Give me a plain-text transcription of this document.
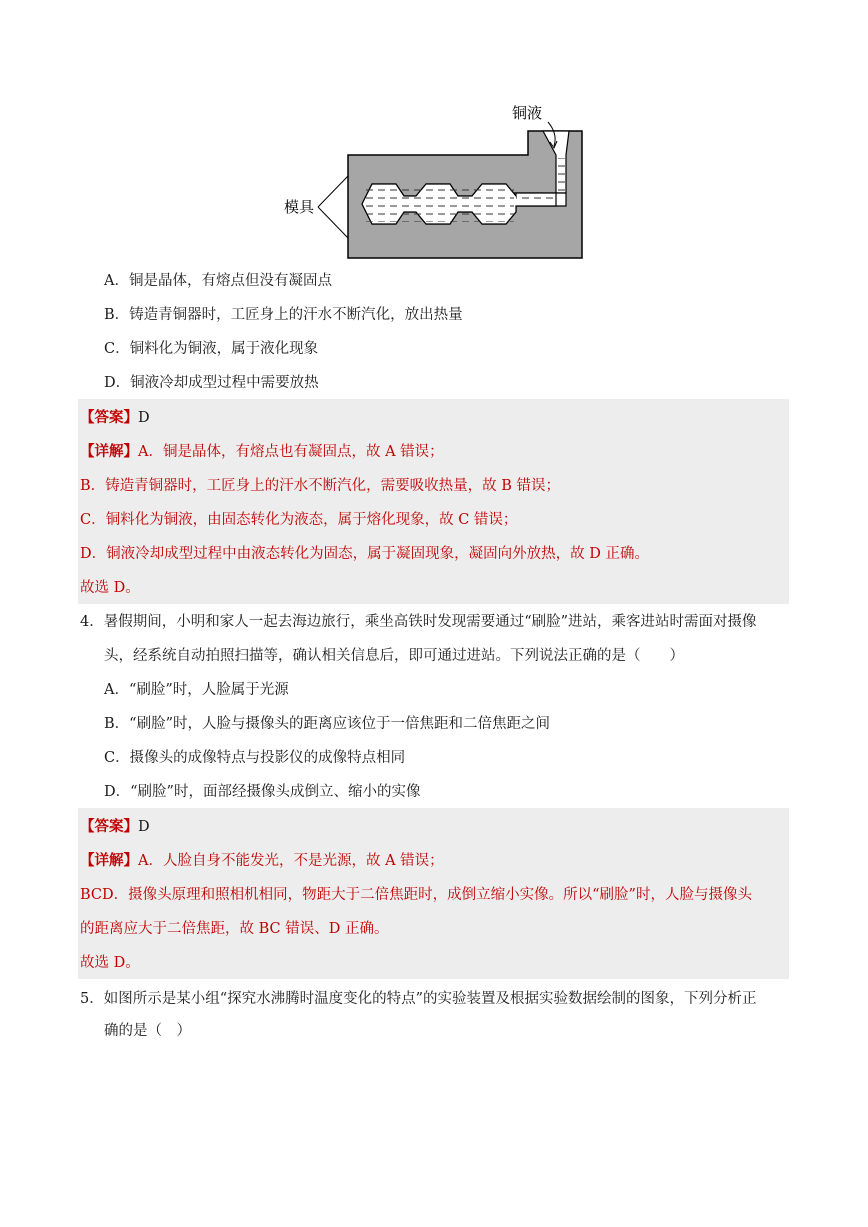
模具
铜液
A．铜是晶体，有熔点但没有凝固点
B．铸造青铜器时，工匠身上的汗水不断汽化，放出热量
C．铜料化为铜液，属于液化现象
D．铜液冷却成型过程中需要放热
【答案】D
【详解】A．铜是晶体，有熔点也有凝固点，故 A 错误；
B．铸造青铜器时，工匠身上的汗水不断汽化，需要吸收热量，故 B 错误；
C．铜料化为铜液，由固态转化为液态，属于熔化现象，故 C 错误；
D．铜液冷却成型过程中由液态转化为固态，属于凝固现象，凝固向外放热，故 D 正确。
故选 D。
4．暑假期间，小明和家人一起去海边旅行，乘坐高铁时发现需要通过“刷脸”进站，乘客进站时需面对摄像
头，经系统自动拍照扫描等，确认相关信息后，即可通过进站。下列说法正确的是（　　）
A．“刷脸”时，人脸属于光源
B．“刷脸”时，人脸与摄像头的距离应该位于一倍焦距和二倍焦距之间
C．摄像头的成像特点与投影仪的成像特点相同
D．“刷脸”时，面部经摄像头成倒立、缩小的实像
【答案】D
【详解】A．人脸自身不能发光，不是光源，故 A 错误；
BCD．摄像头原理和照相机相同，物距大于二倍焦距时，成倒立缩小实像。所以“刷脸”时，人脸与摄像头
的距离应大于二倍焦距，故 BC 错误、D 正确。
故选 D。
5．如图所示是某小组“探究水沸腾时温度变化的特点”的实验装置及根据实验数据绘制的图象，下列分析正
确的是（　）
